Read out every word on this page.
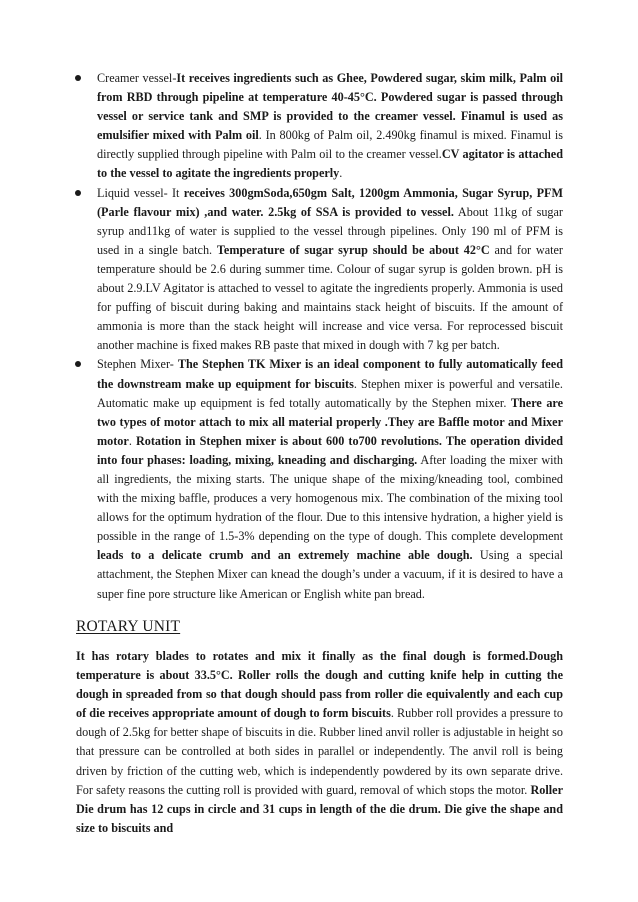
Creamer vessel-It receives ingredients such as Ghee, Powdered sugar, skim milk, Palm oil from RBD through pipeline at temperature 40-45°C. Powdered sugar is passed through vessel or service tank and SMP is provided to the creamer vessel. Finamul is used as emulsifier mixed with Palm oil. In 800kg of Palm oil, 2.490kg finamul is mixed. Finamul is directly supplied through pipeline with Palm oil to the creamer vessel.CV agitator is attached to the vessel to agitate the ingredients properly.
Liquid vessel- It receives 300gmSoda,650gm Salt, 1200gm Ammonia, Sugar Syrup, PFM (Parle flavour mix) ,and water. 2.5kg of SSA is provided to vessel. About 11kg of sugar syrup and11kg of water is supplied to the vessel through pipelines. Only 190 ml of PFM is used in a single batch. Temperature of sugar syrup should be about 42°C and for water temperature should be 2.6 during summer time. Colour of sugar syrup is golden brown. pH is about 2.9.LV Agitator is attached to vessel to agitate the ingredients properly. Ammonia is used for puffing of biscuit during baking and maintains stack height of biscuits. If the amount of ammonia is more than the stack height will increase and vice versa. For reprocessed biscuit another machine is fixed makes RB paste that mixed in dough with 7 kg per batch.
Stephen Mixer- The Stephen TK Mixer is an ideal component to fully automatically feed the downstream make up equipment for biscuits. Stephen mixer is powerful and versatile. Automatic make up equipment is fed totally automatically by the Stephen mixer. There are two types of motor attach to mix all material properly .They are Baffle motor and Mixer motor. Rotation in Stephen mixer is about 600 to700 revolutions. The operation divided into four phases: loading, mixing, kneading and discharging. After loading the mixer with all ingredients, the mixing starts. The unique shape of the mixing/kneading tool, combined with the mixing baffle, produces a very homogenous mix. The combination of the mixing tool allows for the optimum hydration of the flour. Due to this intensive hydration, a higher yield is possible in the range of 1.5-3% depending on the type of dough. This complete development leads to a delicate crumb and an extremely machine able dough. Using a special attachment, the Stephen Mixer can knead the dough’s under a vacuum, if it is desired to have a super fine pore structure like American or English white pan bread.
ROTARY UNIT

It has rotary blades to rotates and mix it finally as the final dough is formed.Dough temperature is about 33.5°C. Roller rolls the dough and cutting knife help in cutting the dough in spreaded from so that dough should pass from roller die equivalently and each cup of die receives appropriate amount of dough to form biscuits. Rubber roll provides a pressure to dough of 2.5kg for better shape of biscuits in die. Rubber lined anvil roller is adjustable in height so that pressure can be controlled at both sides in parallel or independently. The anvil roll is being driven by friction of the cutting web, which is independently powdered by its own separate drive. For safety reasons the cutting roll is provided with guard, removal of which stops the motor. Roller Die drum has 12 cups in circle and 31 cups in length of the die drum. Die give the shape and size to biscuits and
